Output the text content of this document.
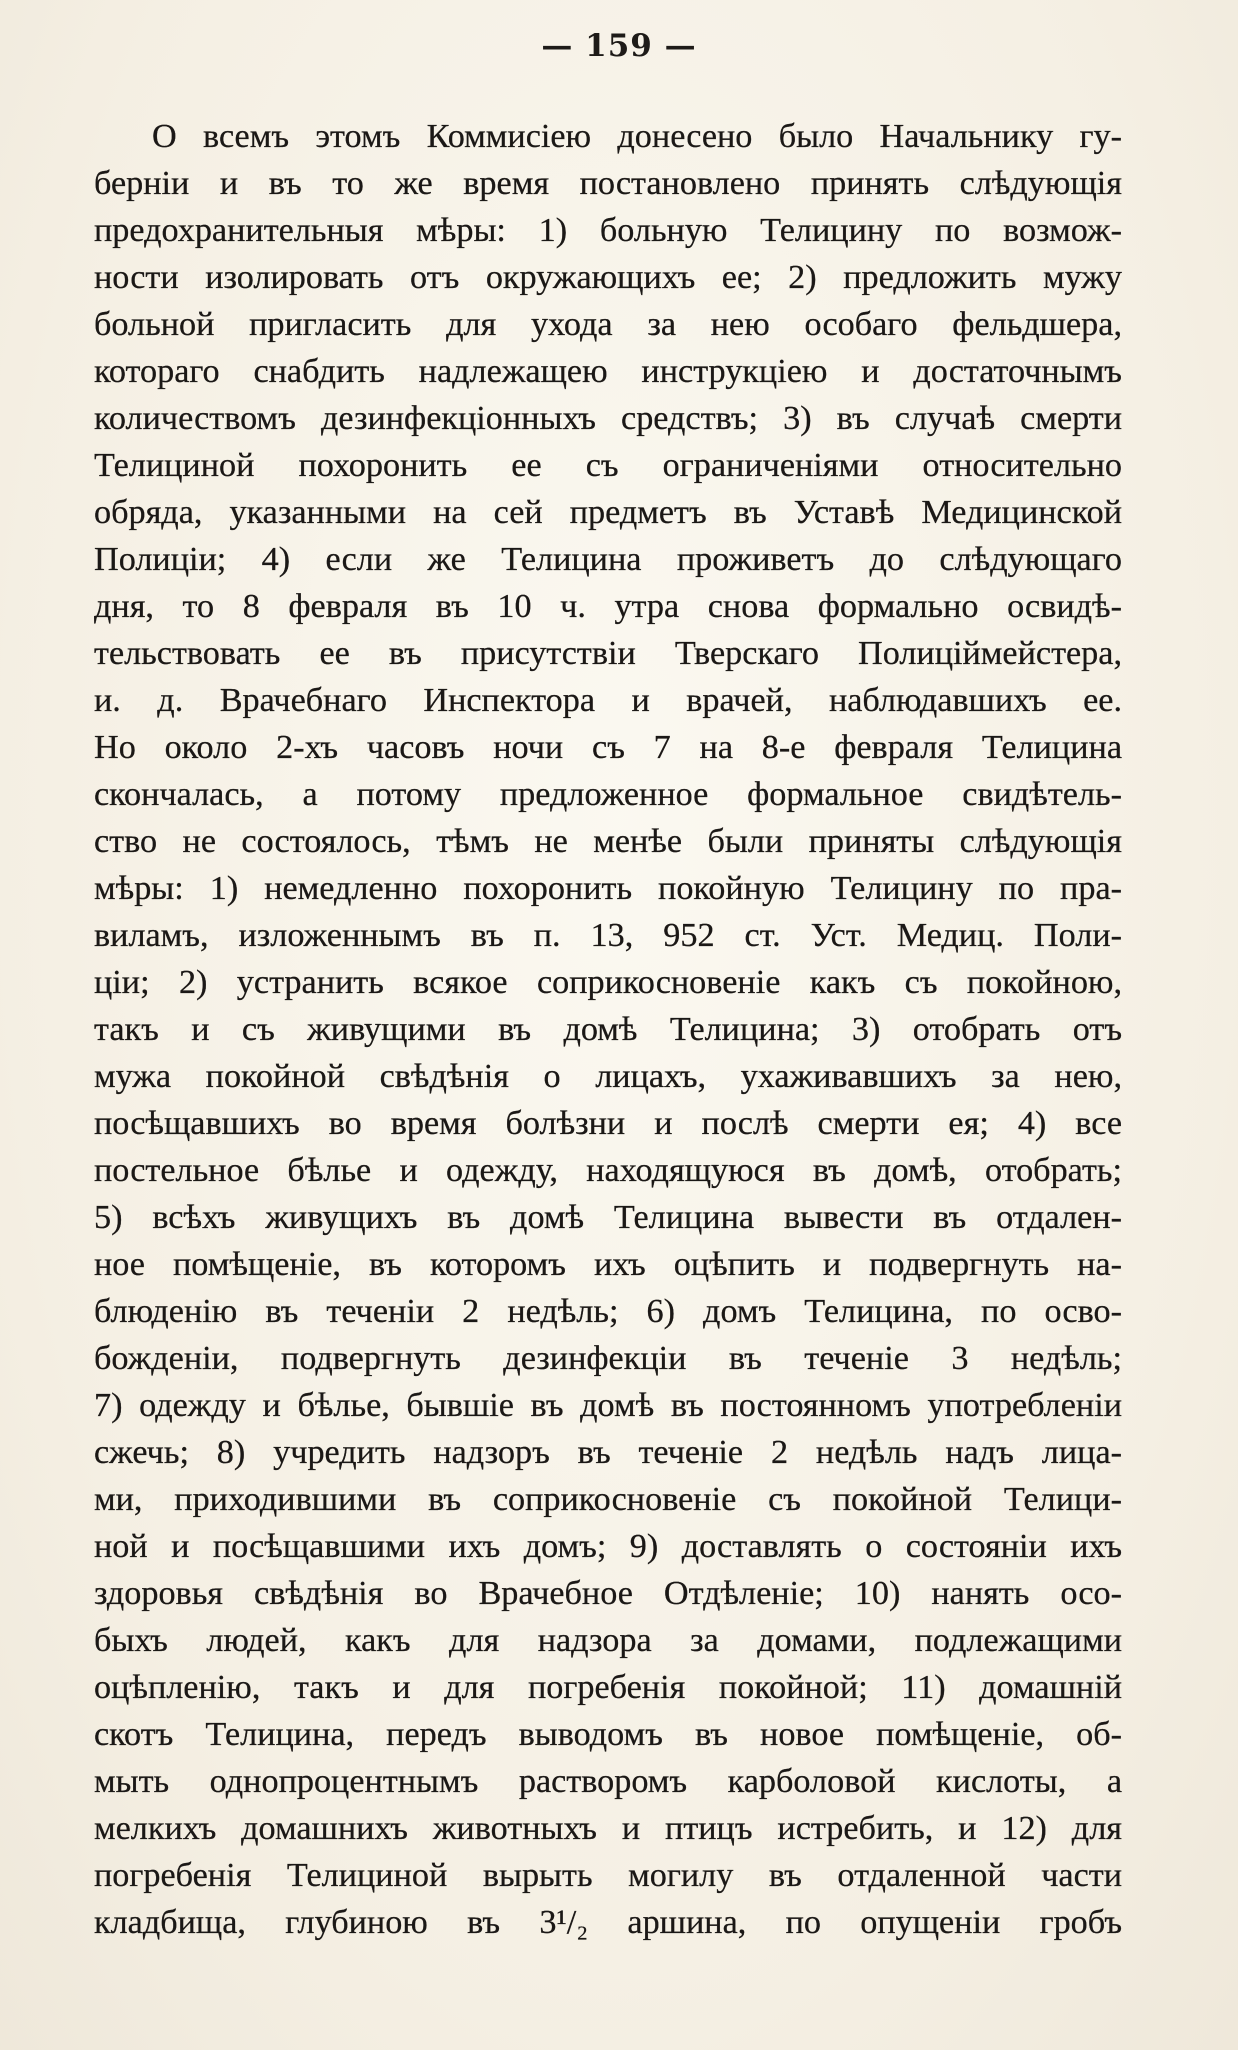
— 159 —
О всемъ этомъ Коммисіею донесено было Начальнику гу-
берніи и въ то же время постановлено принять слѣдующія
предохранительныя мѣры: 1) больную Телицину по возмож-
ности изолировать отъ окружающихъ ее; 2) предложить мужу
больной пригласить для ухода за нею особаго фельдшера,
котораго снабдить надлежащею инструкціею и достаточнымъ
количествомъ дезинфекціонныхъ средствъ; 3) въ случаѣ смерти
Телициной похоронить ее съ ограниченіями относительно
обряда, указанными на сей предметъ въ Уставѣ Медицинской
Полиціи; 4) если же Телицина проживетъ до слѣдующаго
дня, то 8 февраля въ 10 ч. утра снова формально освидѣ-
тельствовать ее въ присутствіи Тверскаго Полиціймейстера,
и. д. Врачебнаго Инспектора и врачей, наблюдавшихъ ее.
Но около 2-хъ часовъ ночи съ 7 на 8-е февраля Телицина
скончалась, а потому предложенное формальное свидѣтель-
ство не состоялось, тѣмъ не менѣе были приняты слѣдующія
мѣры: 1) немедленно похоронить покойную Телицину по пра-
виламъ, изложеннымъ въ п. 13, 952 ст. Уст. Медиц. Поли-
ціи; 2) устранить всякое соприкосновеніе какъ съ покойною,
такъ и съ живущими въ домѣ Телицина; 3) отобрать отъ
мужа покойной свѣдѣнія о лицахъ, ухаживавшихъ за нею,
посѣщавшихъ во время болѣзни и послѣ смерти ея; 4) все
постельное бѣлье и одежду, находящуюся въ домѣ, отобрать;
5) всѣхъ живущихъ въ домѣ Телицина вывести въ отдален-
ное помѣщеніе, въ которомъ ихъ оцѣпить и подвергнуть на-
блюденію въ теченіи 2 недѣль; 6) домъ Телицина, по осво-
божденіи, подвергнуть дезинфекціи въ теченіе 3 недѣль;
7) одежду и бѣлье, бывшіе въ домѣ въ постоянномъ употребленіи
сжечь; 8) учредить надзоръ въ теченіе 2 недѣль надъ лица-
ми, приходившими въ соприкосновеніе съ покойной Телици-
ной и посѣщавшими ихъ домъ; 9) доставлять о состояніи ихъ
здоровья свѣдѣнія во Врачебное Отдѣленіе; 10) нанять осо-
быхъ людей, какъ для надзора за домами, подлежащими
оцѣпленію, такъ и для погребенія покойной; 11) домашній
скотъ Телицина, передъ выводомъ въ новое помѣщеніе, об-
мыть однопроцентнымъ растворомъ карболовой кислоты, а
мелкихъ домашнихъ животныхъ и птицъ истребить, и 12) для
погребенія Телициной вырыть могилу въ отдаленной части
кладбища, глубиною въ 3¹/₂ аршина, по опущеніи гробъ
